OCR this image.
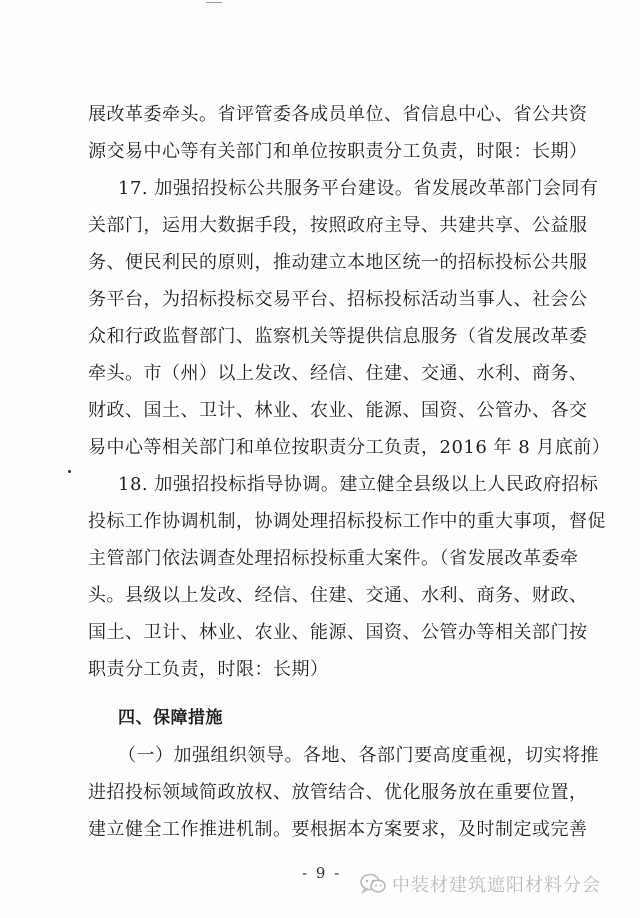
展改革委牵头。省评管委各成员单位、省信息中心、省公共资
源交易中心等有关部门和单位按职责分工负责，时限：长期）
17. 加强招投标公共服务平台建设。省发展改革部门会同有
关部门，运用大数据手段，按照政府主导、共建共享、公益服
务、便民利民的原则，推动建立本地区统一的招标投标公共服
务平台，为招标投标交易平台、招标投标活动当事人、社会公
众和行政监督部门、监察机关等提供信息服务（省发展改革委
牵头。市（州）以上发改、经信、住建、交通、水利、商务、
财政、国土、卫计、林业、农业、能源、国资、公管办、各交
易中心等相关部门和单位按职责分工负责，2016 年 8 月底前）
18. 加强招投标指导协调。建立健全县级以上人民政府招标
投标工作协调机制，协调处理招标投标工作中的重大事项，督促
主管部门依法调查处理招标投标重大案件。（省发展改革委牵
头。县级以上发改、经信、住建、交通、水利、商务、财政、
国土、卫计、林业、农业、能源、国资、公管办等相关部门按
职责分工负责，时限：长期）
四、保障措施
（一）加强组织领导。各地、各部门要高度重视，切实将推
进招投标领域简政放权、放管结合、优化服务放在重要位置，
建立健全工作推进机制。要根据本方案要求，及时制定或完善
- 9 -
中装材建筑遮阳材料分会
